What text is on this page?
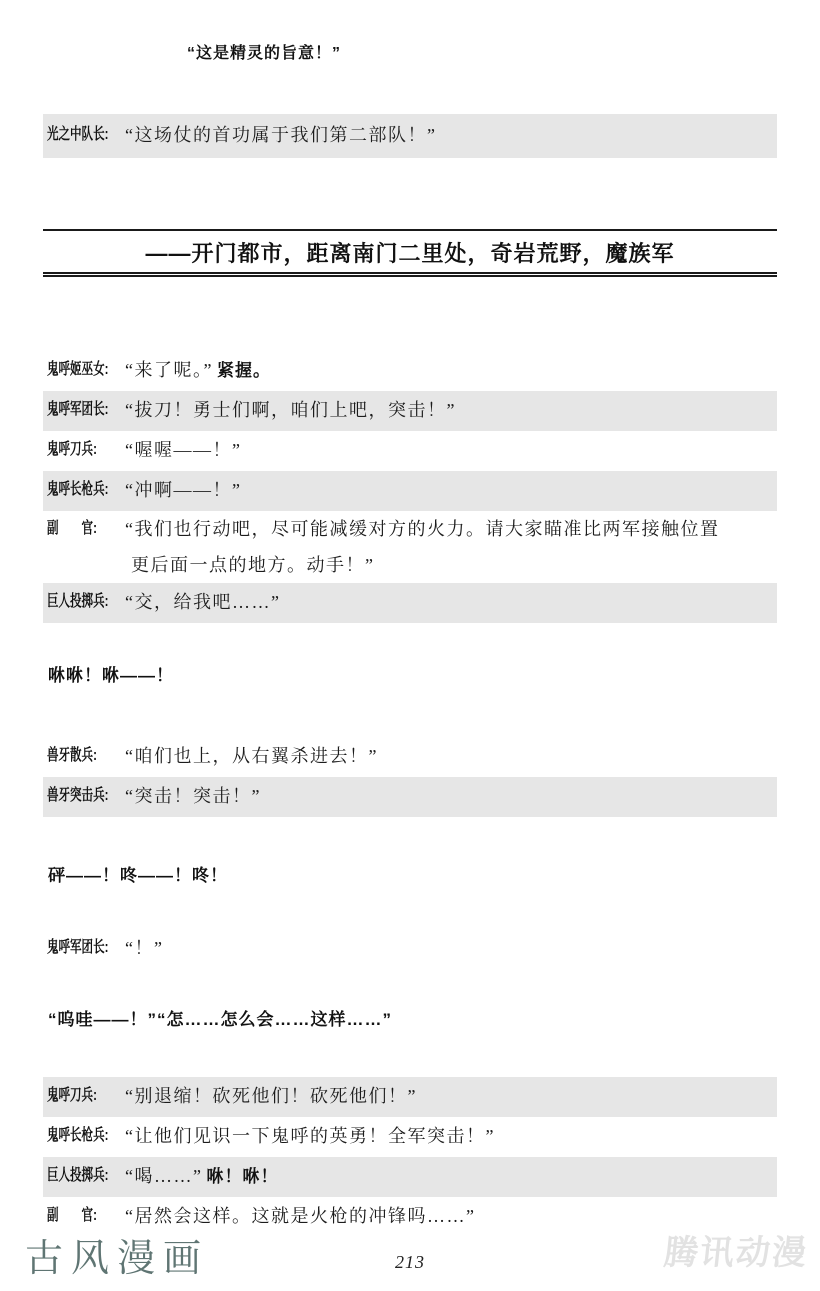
“这是精灵的旨意！”
光之中队长: “这场仗的首功属于我们第二部队！”
——开门都市，距离南门二里处，奇岩荒野，魔族军
鬼呼姬巫女: “来了呢。” 紧握。
鬼呼军团长: “拔刀！勇士们啊，咱们上吧，突击！”
鬼呼刀兵:	“喔喔——！”
鬼呼长枪兵: “冲啊——！”
副　　官:	“我们也行动吧，尽可能减缓对方的火力。请大家瞄准比两军接触位置
更后面一点的地方。动手！”
巨人投掷兵: “交，给我吧……”
咻咻！咻——！
兽牙散兵:	“咱们也上，从右翼杀进去！”
兽牙突击兵: “突击！突击！”
砰——！咚——！咚！
鬼呼军团长: “！”
“呜哇——！”“怎……怎么会……这样……”
鬼呼刀兵:	“别退缩！砍死他们！砍死他们！”
鬼呼长枪兵: “让他们见识一下鬼呼的英勇！全军突击！”
巨人投掷兵: “喝……” 咻！咻！
副　　官:	“居然会这样。这就是火枪的冲锋吗……”
古风漫画	213	腾讯动漫
